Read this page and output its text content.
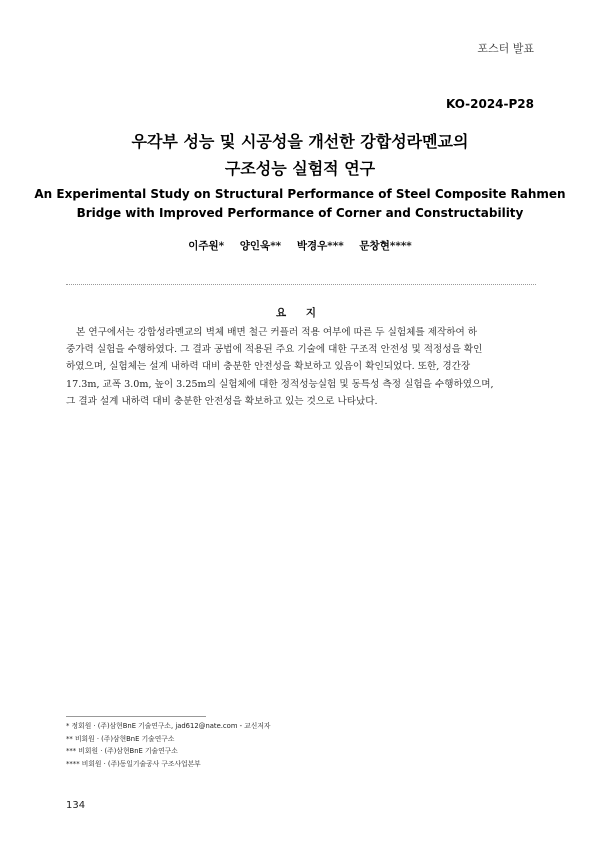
포스터 발표
KO-2024-P28
우각부 성능 및 시공성을 개선한 강합성라멘교의
구조성능 실험적 연구
An Experimental Study on Structural Performance of Steel Composite Rahmen
Bridge with Improved Performance of Corner and Constructability
이주원* 양인욱** 박경우*** 문창현****
요 지
본 연구에서는 강합성라멘교의 벽체 배면 철근 커플러 적용 여부에 따른 두 실험체를 제작하여 하
중가력 실험을 수행하였다. 그 결과 공법에 적용된 주요 기술에 대한 구조적 안전성 및 적정성을 확인
하였으며, 실험체는 설계 내하력 대비 충분한 안전성을 확보하고 있음이 확인되었다. 또한, 경간장
17.3m, 교폭 3.0m, 높이 3.25m의 실험체에 대한 정적성능실험 및 동특성 측정 실험을 수행하였으며,
그 결과 설계 내하력 대비 충분한 안전성을 확보하고 있는 것으로 나타났다.
* 정회원 · (주)삼현BnE 기술연구소, jad612@nate.com - 교신저자
** 비회원 · (주)삼현BnE 기술연구소
*** 비회원 · (주)삼현BnE 기술연구소
**** 비회원 · (주)동일기술공사 구조사업본부
134
